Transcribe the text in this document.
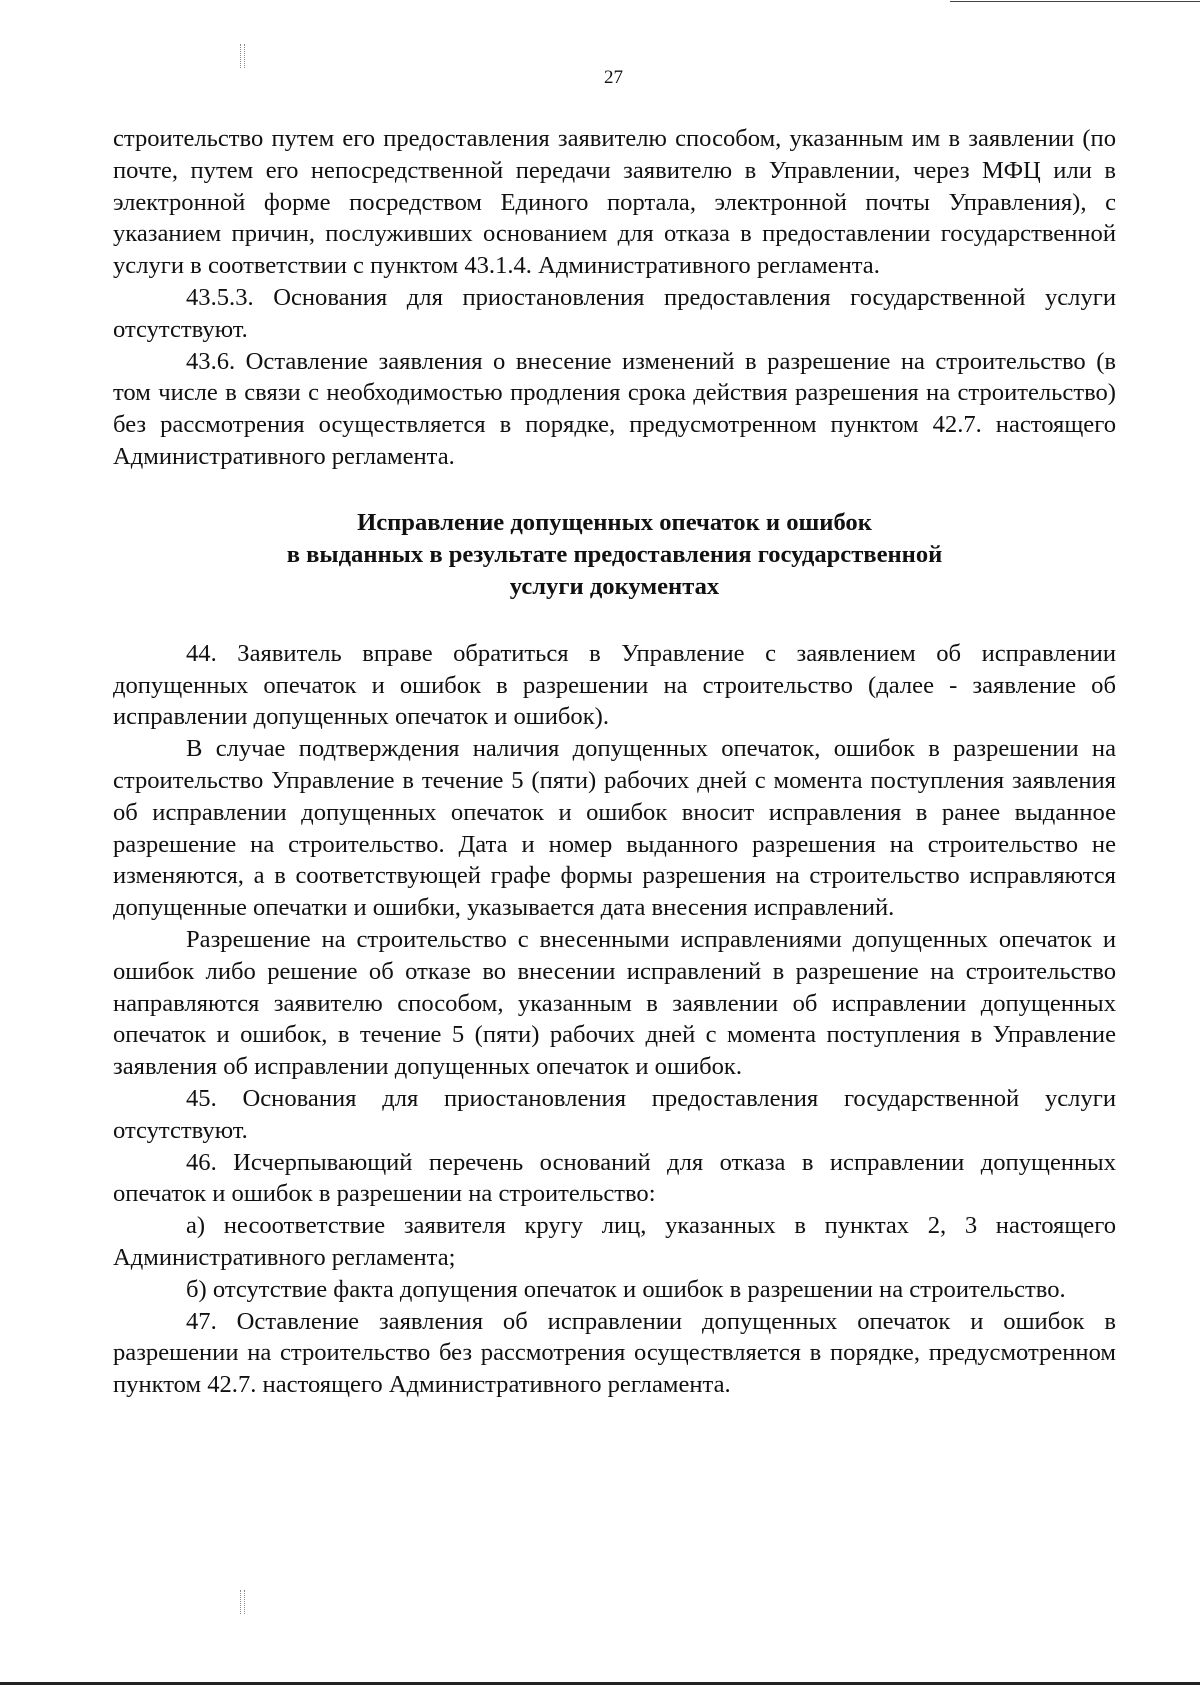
27

строительство путем его предоставления заявителю способом, указанным им в заявлении (по почте, путем его непосредственной передачи заявителю в Управлении, через МФЦ или в электронной форме посредством Единого портала, электронной почты Управления), с указанием причин, послуживших основанием для отказа в предоставлении государственной услуги в соответствии с пунктом 43.1.4. Административного регламента.

43.5.3. Основания для приостановления предоставления государственной услуги отсутствуют.

43.6. Оставление заявления о внесение изменений в разрешение на строительство (в том числе в связи с необходимостью продления срока действия разрешения на строительство) без рассмотрения осуществляется в порядке, предусмотренном пунктом 42.7. настоящего Административного регламента.

Исправление допущенных опечаток и ошибок
в выданных в результате предоставления государственной
услуги документах

44. Заявитель вправе обратиться в Управление с заявлением об исправлении допущенных опечаток и ошибок в разрешении на строительство (далее - заявление об исправлении допущенных опечаток и ошибок).

В случае подтверждения наличия допущенных опечаток, ошибок в разрешении на строительство Управление в течение 5 (пяти) рабочих дней с момента поступления заявления об исправлении допущенных опечаток и ошибок вносит исправления в ранее выданное разрешение на строительство. Дата и номер выданного разрешения на строительство не изменяются, а в соответствующей графе формы разрешения на строительство исправляются допущенные опечатки и ошибки, указывается дата внесения исправлений.

Разрешение на строительство с внесенными исправлениями допущенных опечаток и ошибок либо решение об отказе во внесении исправлений в разрешение на строительство направляются заявителю способом, указанным в заявлении об исправлении допущенных опечаток и ошибок, в течение 5 (пяти) рабочих дней с момента поступления в Управление заявления об исправлении допущенных опечаток и ошибок.

45. Основания для приостановления предоставления государственной услуги отсутствуют.

46. Исчерпывающий перечень оснований для отказа в исправлении допущенных опечаток и ошибок в разрешении на строительство:

а) несоответствие заявителя кругу лиц, указанных в пунктах 2, 3 настоящего Административного регламента;

б) отсутствие факта допущения опечаток и ошибок в разрешении на строительство.

47. Оставление заявления об исправлении допущенных опечаток и ошибок в разрешении на строительство без рассмотрения осуществляется в порядке, предусмотренном пунктом 42.7. настоящего Административного регламента.
